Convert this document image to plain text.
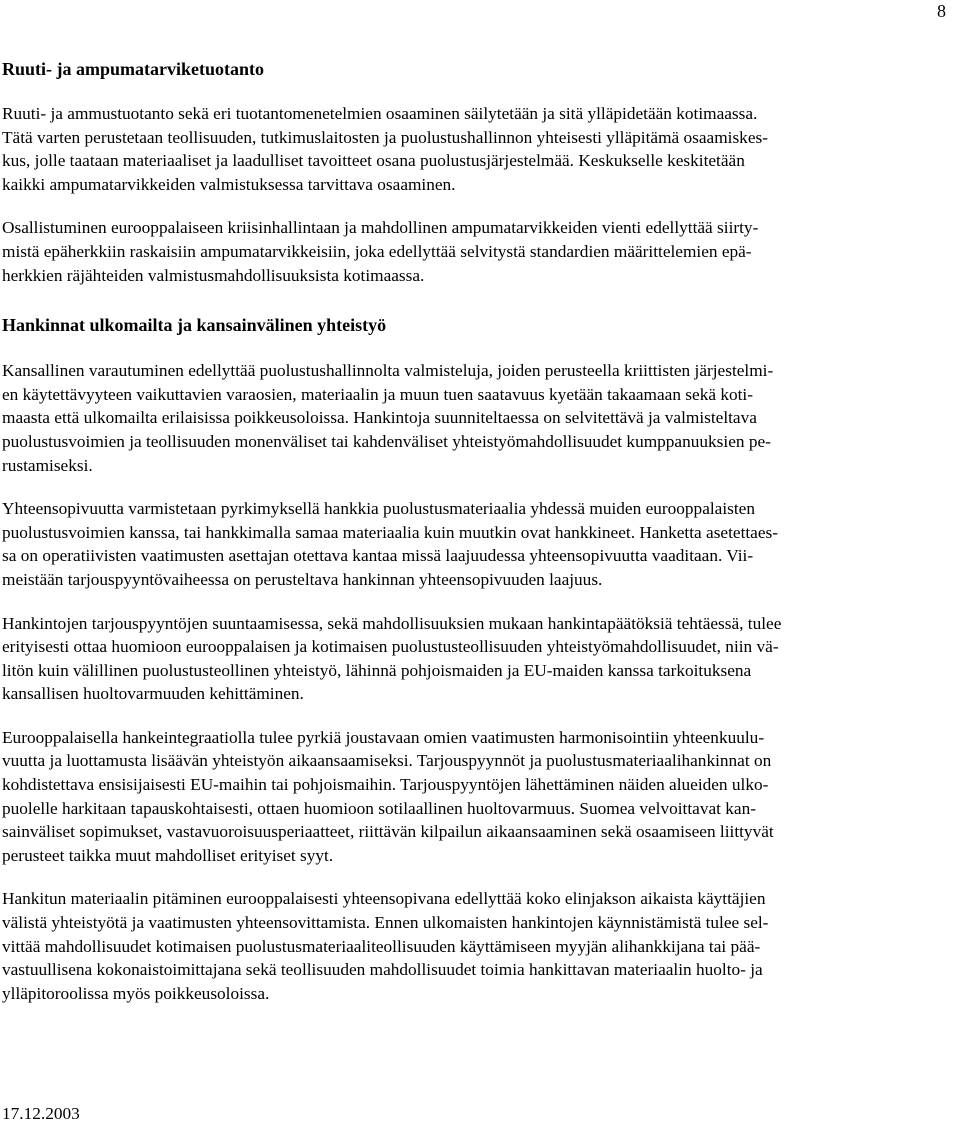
8
Ruuti- ja ampumatarviketuotanto

Ruuti- ja ammustuotanto sekä eri tuotantomenetelmien osaaminen säilytetään ja sitä ylläpidetään kotimaassa.
Tätä varten perustetaan teollisuuden, tutkimuslaitosten ja puolustushallinnon yhteisesti ylläpitämä osaamiskes-
kus, jolle taataan materiaaliset ja laadulliset tavoitteet osana puolustusjärjestelmää. Keskukselle keskitetään
kaikki ampumatarvikkeiden valmistuksessa tarvittava osaaminen.

Osallistuminen eurooppalaiseen kriisinhallintaan ja mahdollinen ampumatarvikkeiden vienti edellyttää siirty-
mistä epäherkkiin raskaisiin ampumatarvikkeisiin, joka edellyttää selvitystä standardien määrittelemien epä-
herkkien räjähteiden valmistusmahdollisuuksista kotimaassa.

Hankinnat ulkomailta ja kansainvälinen yhteistyö

Kansallinen varautuminen edellyttää puolustushallinnolta valmisteluja, joiden perusteella kriittisten järjestelmi-
en käytettävyyteen vaikuttavien varaosien, materiaalin ja muun tuen saatavuus kyetään takaamaan sekä koti-
maasta että ulkomailta erilaisissa poikkeusoloissa. Hankintoja suunniteltaessa on selvitettävä ja valmisteltava
puolustusvoimien ja teollisuuden monenväliset tai kahdenväliset yhteistyömahdollisuudet kumppanuuksien pe-
rustamiseksi.

Yhteensopivuutta varmistetaan pyrkimyksellä hankkia puolustusmateriaalia yhdessä muiden eurooppalaisten
puolustusvoimien kanssa, tai hankkimalla samaa materiaalia kuin muutkin ovat hankkineet. Hanketta asetettaes-
sa on operatiivisten vaatimusten asettajan otettava kantaa missä laajuudessa yhteensopivuutta vaaditaan. Vii-
meistään tarjouspyyntövaiheessa on perusteltava hankinnan yhteensopivuuden laajuus.

Hankintojen tarjouspyyntöjen suuntaamisessa, sekä mahdollisuuksien mukaan hankintapäätöksiä tehtäessä, tulee
erityisesti ottaa huomioon eurooppalaisen ja kotimaisen puolustusteollisuuden yhteistyömahdollisuudet, niin vä-
litön kuin välillinen puolustusteollinen yhteistyö, lähinnä pohjoismaiden ja EU-maiden kanssa tarkoituksena
kansallisen huoltovarmuuden kehittäminen.

Eurooppalaisella hankeintegraatiolla tulee pyrkiä joustavaan omien vaatimusten harmonisointiin yhteenkuulu-
vuutta ja luottamusta lisäävän yhteistyön aikaansaamiseksi. Tarjouspyynnöt ja puolustusmateriaalihankinnat on
kohdistettava ensisijaisesti EU-maihin tai pohjoismaihin. Tarjouspyyntöjen lähettäminen näiden alueiden ulko-
puolelle harkitaan tapauskohtaisesti, ottaen huomioon sotilaallinen huoltovarmuus. Suomea velvoittavat kan-
sainväliset sopimukset, vastavuoroisuusperiaatteet, riittävän kilpailun aikaansaaminen sekä osaamiseen liittyvät
perusteet taikka muut mahdolliset erityiset syyt.

Hankitun materiaalin pitäminen eurooppalaisesti yhteensopivana edellyttää koko elinjakson aikaista käyttäjien
välistä yhteistyötä ja vaatimusten yhteensovittamista. Ennen ulkomaisten hankintojen käynnistämistä tulee sel-
vittää mahdollisuudet kotimaisen puolustusmateriaaliteollisuuden käyttämiseen myyjän alihankkijana tai pää-
vastuullisena kokonaistoimittajana sekä teollisuuden mahdollisuudet toimia hankittavan materiaalin huolto- ja
ylläpitoroolissa myös poikkeusoloissa.

17.12.2003
